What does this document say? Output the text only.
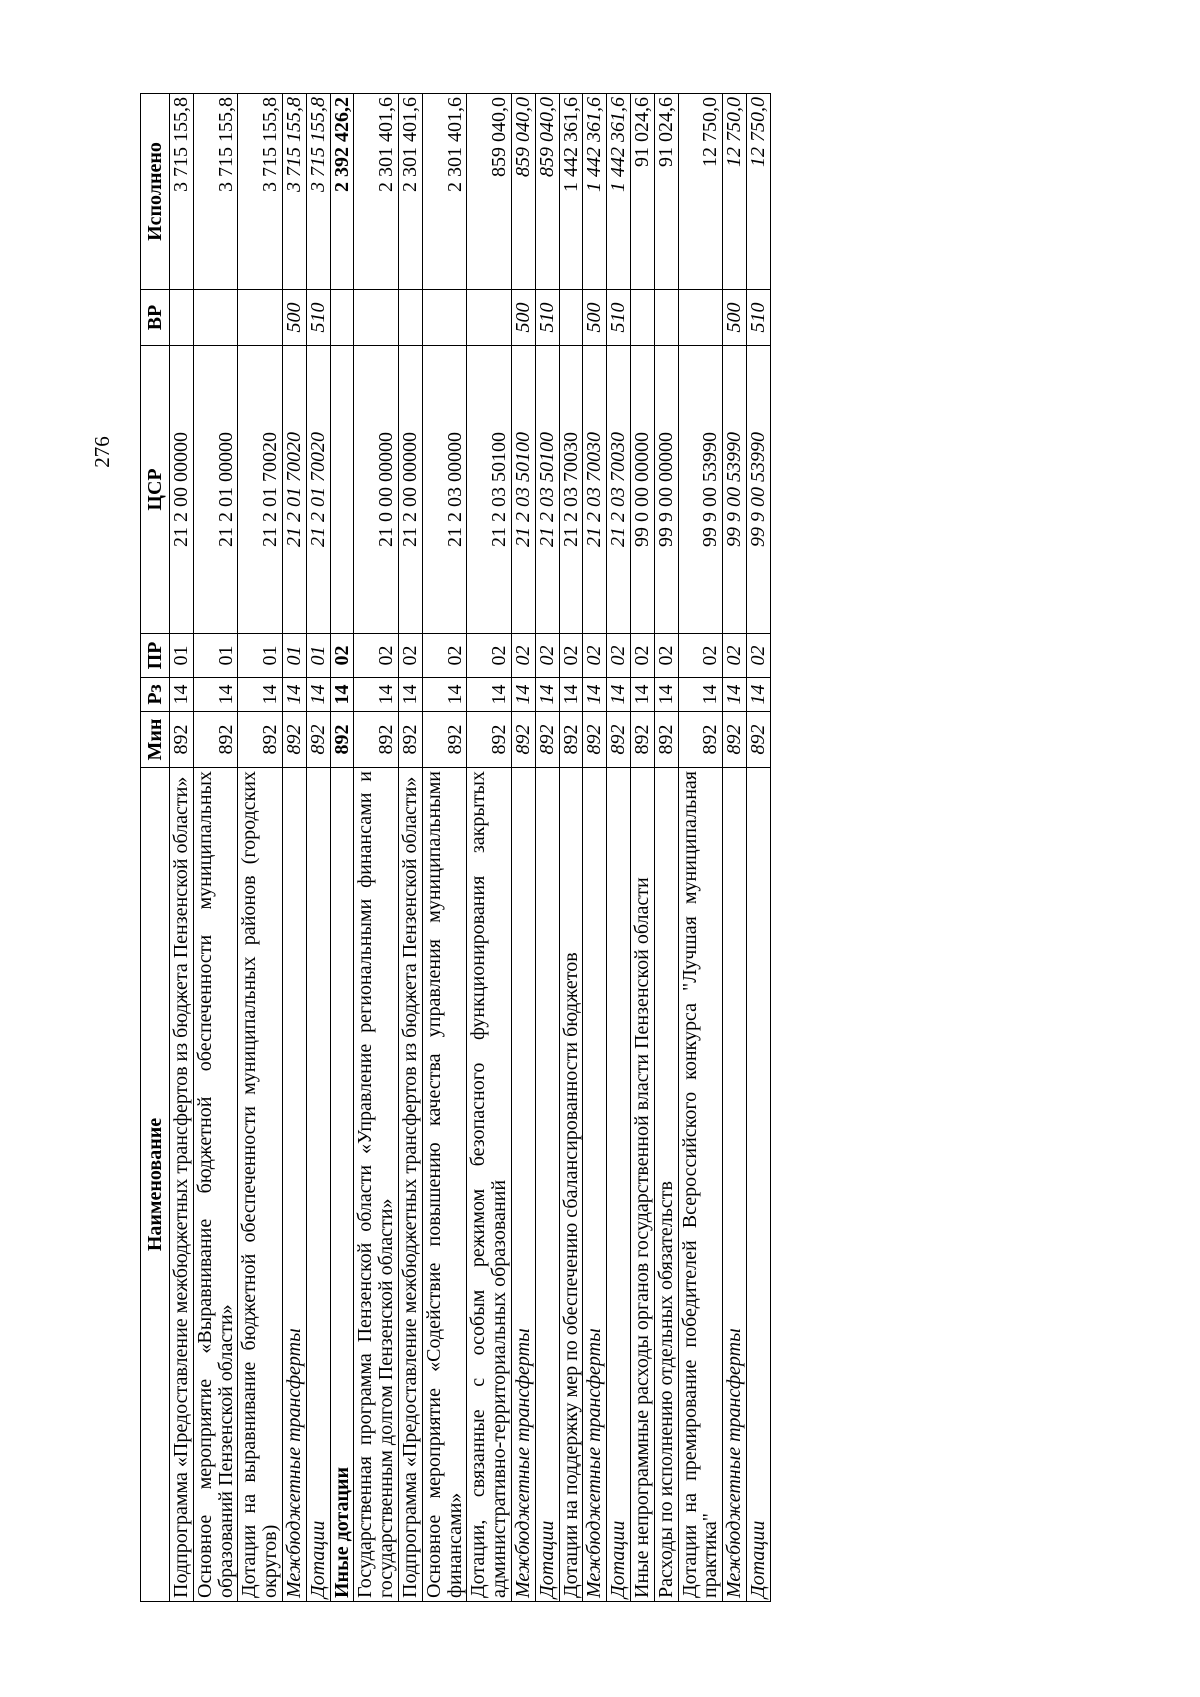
276
Наименование	Мин	Рз	ПР	ЦСР	ВР	Исполнено
Подпрограмма «Предоставление межбюджетных трансфертов из бюджета Пензенской области»	892	14	01	21 2 00 00000		3 715 155,8
Основное мероприятие «Выравнивание бюджетной обеспеченности муниципальных образований Пензенской области»	892	14	01	21 2 01 00000		3 715 155,8
Дотации на выравнивание бюджетной обеспеченности муниципальных районов (городских округов)	892	14	01	21 2 01 70020		3 715 155,8
Межбюджетные трансферты	892	14	01	21 2 01 70020	500	3 715 155,8
Дотации	892	14	01	21 2 01 70020	510	3 715 155,8
Иные дотации	892	14	02			2 392 426,2
Государственная программа Пензенской области «Управление региональными финансами и государственным долгом Пензенской области»	892	14	02	21 0 00 00000		2 301 401,6
Подпрограмма «Предоставление межбюджетных трансфертов из бюджета Пензенской области»	892	14	02	21 2 00 00000		2 301 401,6
Основное мероприятие «Содействие повышению качества управления муниципальными финансами»	892	14	02	21 2 03 00000		2 301 401,6
Дотации, связанные с особым режимом безопасного функционирования закрытых административно-территориальных образований	892	14	02	21 2 03 50100		859 040,0
Межбюджетные трансферты	892	14	02	21 2 03 50100	500	859 040,0
Дотации	892	14	02	21 2 03 50100	510	859 040,0
Дотации на поддержку мер по обеспечению сбалансированности бюджетов	892	14	02	21 2 03 70030		1 442 361,6
Межбюджетные трансферты	892	14	02	21 2 03 70030	500	1 442 361,6
Дотации	892	14	02	21 2 03 70030	510	1 442 361,6
Иные непрограммные расходы органов государственной власти Пензенской области	892	14	02	99 0 00 00000		91 024,6
Расходы по исполнению отдельных обязательств	892	14	02	99 9 00 00000		91 024,6
Дотации на премирование победителей Всероссийского конкурса "Лучшая муниципальная практика"	892	14	02	99 9 00 53990		12 750,0
Межбюджетные трансферты	892	14	02	99 9 00 53990	500	12 750,0
Дотации	892	14	02	99 9 00 53990	510	12 750,0
